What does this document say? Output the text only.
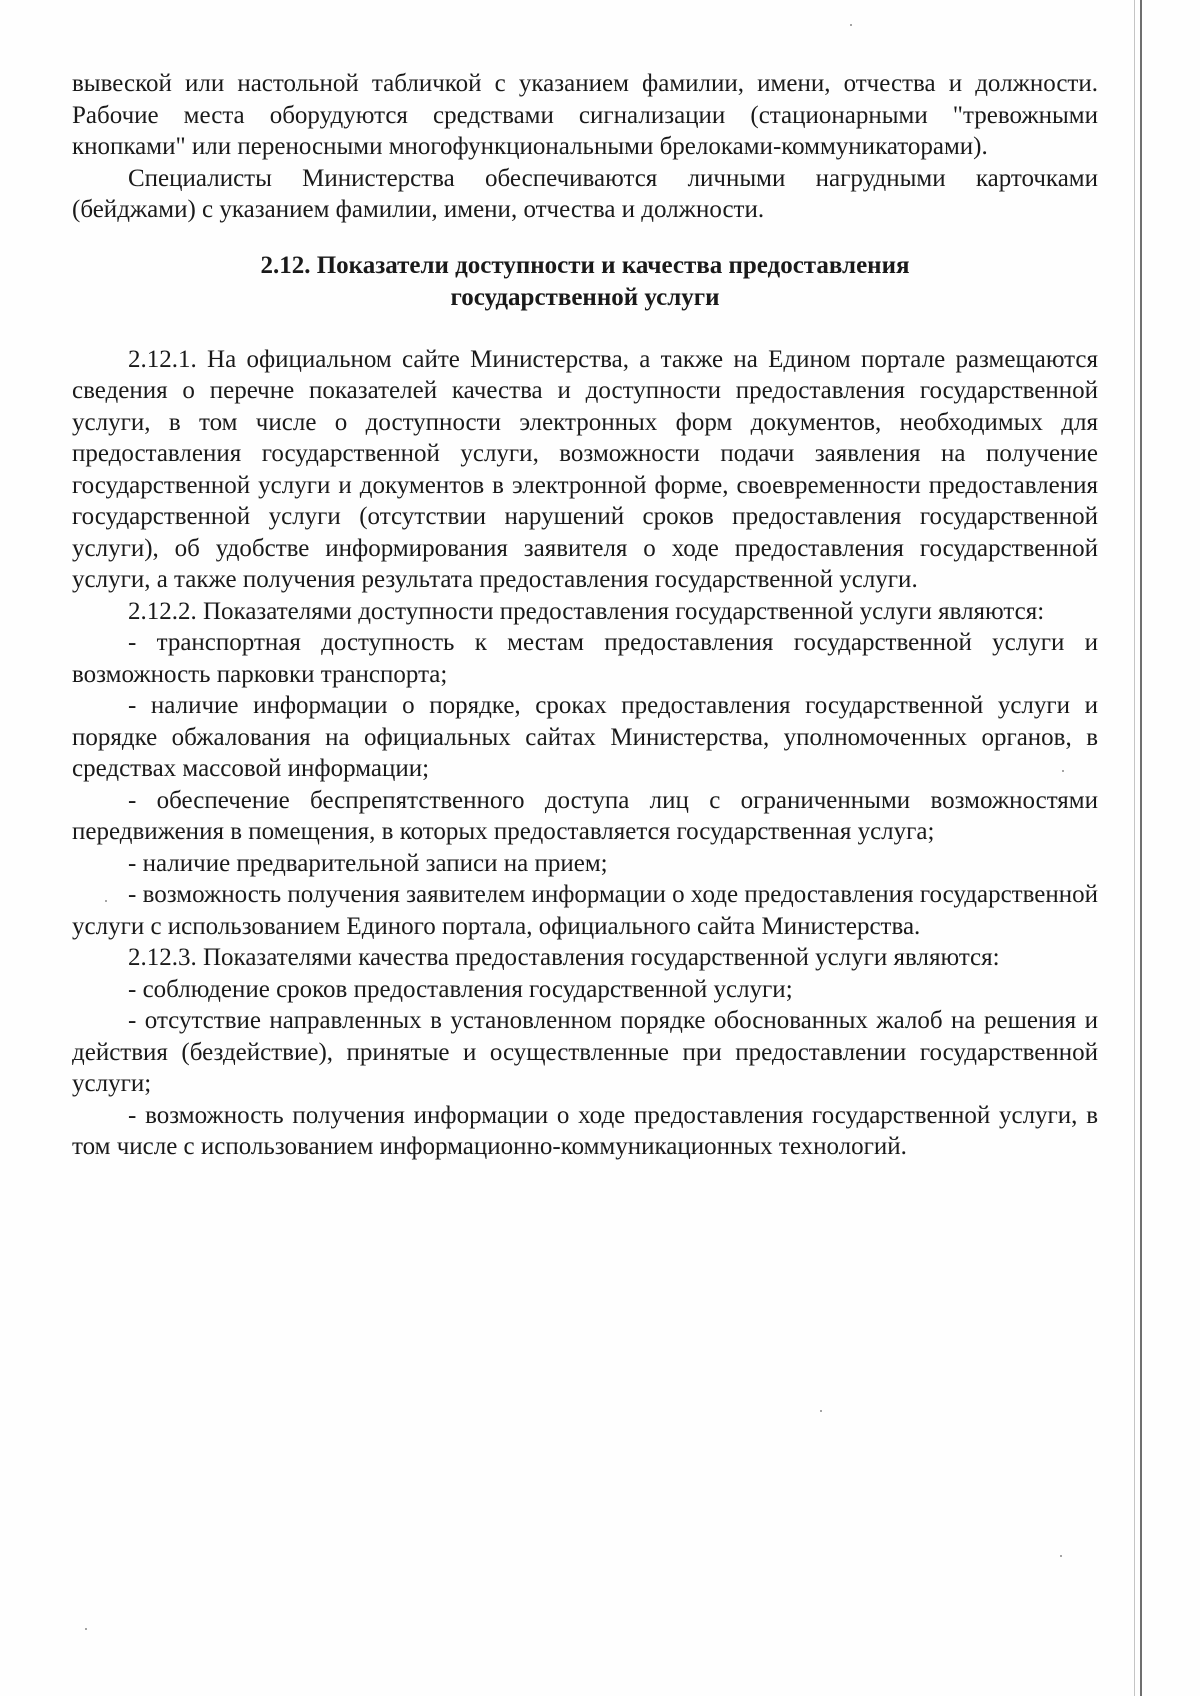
вывеской или настольной табличкой с указанием фамилии, имени, отчества и должности. Рабочие места оборудуются средствами сигнализации (стационарными "тревожными кнопками" или переносными многофункциональными брелоками-коммуникаторами).

Специалисты Министерства обеспечиваются личными нагрудными карточками (бейджами) с указанием фамилии, имени, отчества и должности.

2.12. Показатели доступности и качества предоставления
государственной услуги

2.12.1. На официальном сайте Министерства, а также на Едином портале размещаются сведения о перечне показателей качества и доступности предоставления государственной услуги, в том числе о доступности электронных форм документов, необходимых для предоставления государственной услуги, возможности подачи заявления на получение государственной услуги и документов в электронной форме, своевременности предоставления государственной услуги (отсутствии нарушений сроков предоставления государственной услуги), об удобстве информирования заявителя о ходе предоставления государственной услуги, а также получения результата предоставления государственной услуги.

2.12.2. Показателями доступности предоставления государственной услуги являются:

- транспортная доступность к местам предоставления государственной услуги и возможность парковки транспорта;

- наличие информации о порядке, сроках предоставления государственной услуги и порядке обжалования на официальных сайтах Министерства, уполномоченных органов, в средствах массовой информации;

- обеспечение беспрепятственного доступа лиц с ограниченными возможностями передвижения в помещения, в которых предоставляется государственная услуга;

- наличие предварительной записи на прием;

- возможность получения заявителем информации о ходе предоставления государственной услуги с использованием Единого портала, официального сайта Министерства.

2.12.3. Показателями качества предоставления государственной услуги являются:

- соблюдение сроков предоставления государственной услуги;

- отсутствие направленных в установленном порядке обоснованных жалоб на решения и действия (бездействие), принятые и осуществленные при предоставлении государственной услуги;

- возможность получения информации о ходе предоставления государственной услуги, в том числе с использованием информационно-коммуникационных технологий.
